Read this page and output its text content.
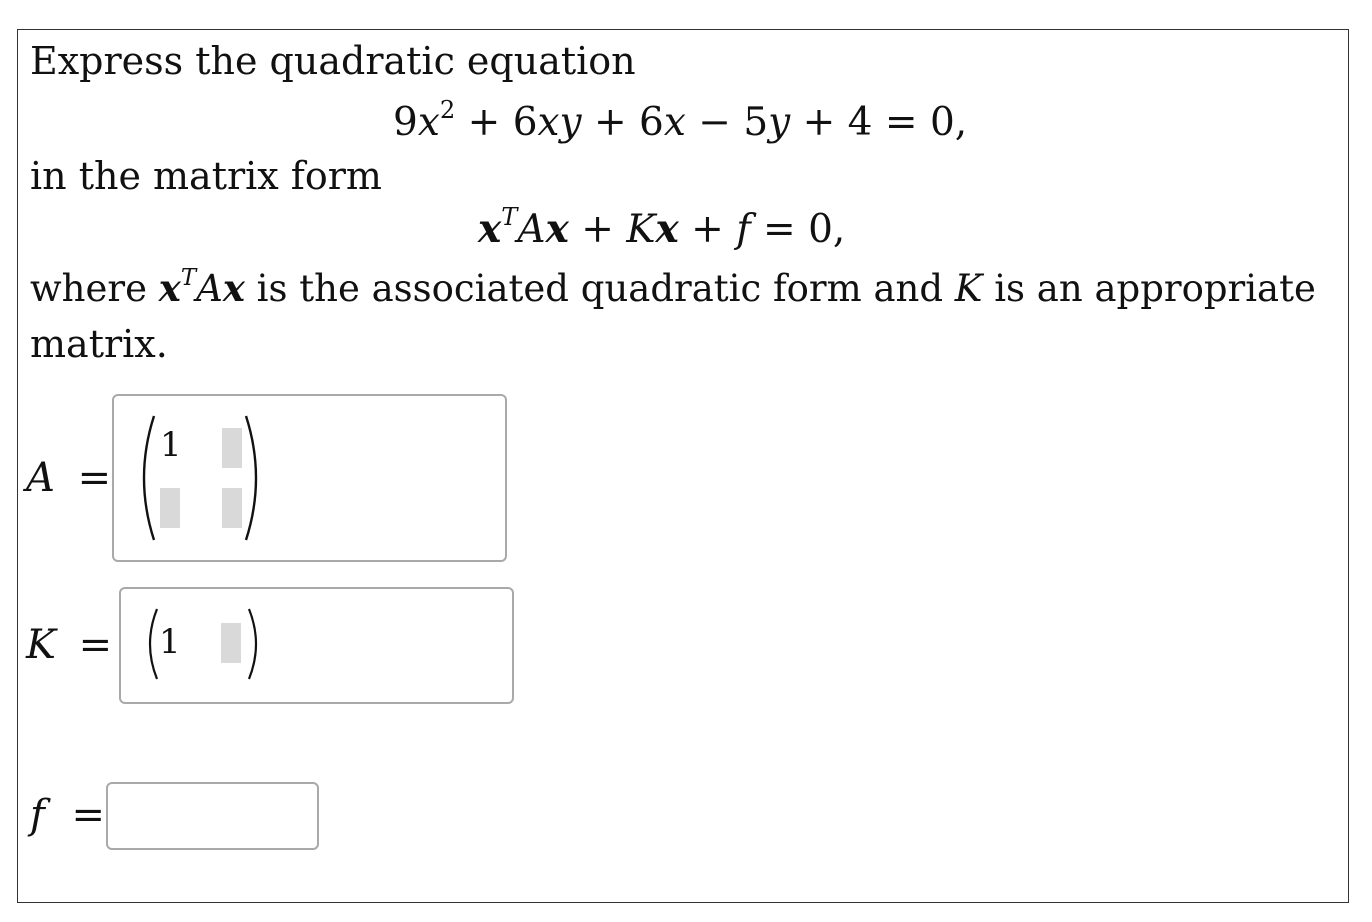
Express the quadratic equation
$9x^2 + 6xy + 6x - 5y + 4 = 0$,
in the matrix form
$x^TAx + Kx + f = 0$,
where $x^TAx$ is the associated quadratic form and K is an appropriate
matrix.
A =
1
K = 1
f =
